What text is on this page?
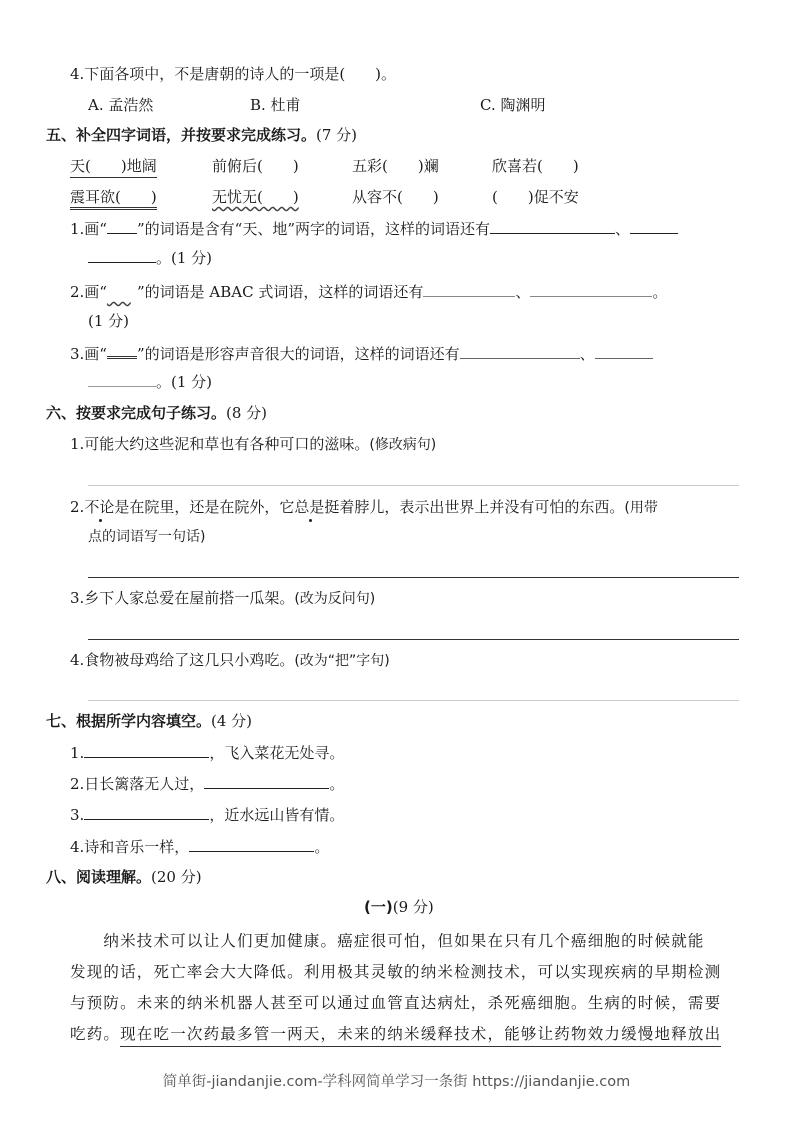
4.下面各项中，不是唐朝的诗人的一项是(　　)。
A. 孟浩然	B. 杜甫	C. 陶渊明
五、补全四字词语，并按要求完成练习。(7 分)
天(　　)地阔	前俯后(　　)	五彩(　　)斓	欣喜若(　　)
震耳欲(　　)	无忧无(　　)	从容不(　　)	(　　)促不安
1.画“ ”的词语是含有“天、地”两字的词语，这样的词语还有	、
。(1 分)
2.画“ ”的词语是 ABAC 式词语，这样的词语还有	、	。
(1 分)
3.画“ ”的词语是形容声音很大的词语，这样的词语还有	、
。(1 分)
六、按要求完成句子练习。(8 分)
1.可能大约这些泥和草也有各种可口的滋味。(修改病句)
2.不论是在院里，还是在院外，它总是挺着脖儿，表示出世界上并没有可怕的东西。(用带
点的词语写一句话)
3.乡下人家总爱在屋前搭一瓜架。(改为反问句)
4.食物被母鸡给了这几只小鸡吃。(改为“把”字句)
七、根据所学内容填空。(4 分)
1.	，飞入菜花无处寻。
2.日长篱落无人过，	。
3.	，近水远山皆有情。
4.诗和音乐一样，	。
八、阅读理解。(20 分)
(一)(9 分)
　　纳米技术可以让人们更加健康。癌症很可怕，但如果在只有几个癌细胞的时候就能
发现的话，死亡率会大大降低。利用极其灵敏的纳米检测技术，可以实现疾病的早期检测
与预防。未来的纳米机器人甚至可以通过血管直达病灶，杀死癌细胞。生病的时候，需要
吃药。现在吃一次药最多管一两天，未来的纳米缓释技术，能够让药物效力缓慢地释放出
简单街-jiandanjie.com-学科网简单学习一条街 https://jiandanjie.com
